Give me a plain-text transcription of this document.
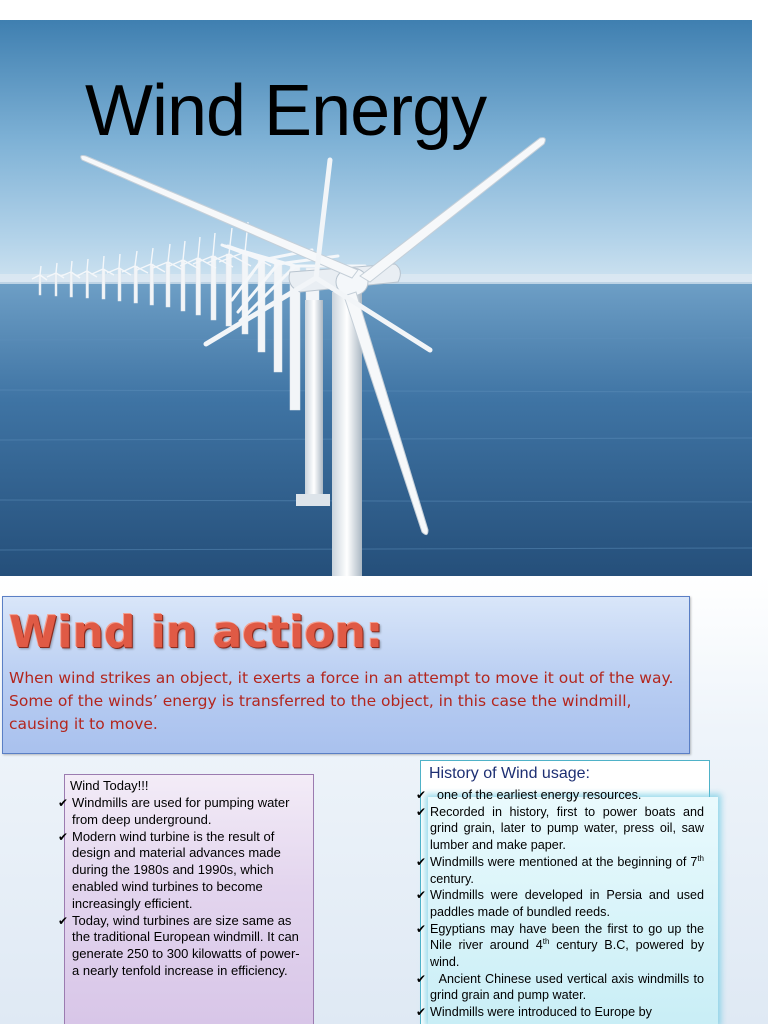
Wind Energy
Wind in action:
When wind strikes an object, it exerts a force in an attempt to move it out of the way. Some of the winds’ energy is transferred to the object, in this case the windmill, causing it to move.
Wind Today!!!
✔ Windmills are used for pumping water from deep underground.
✔ Modern wind turbine is the result of design and material advances made during the 1980s and 1990s, which enabled wind turbines to become increasingly efficient.
✔ Today, wind turbines are size same as the traditional European windmill. It can generate 250 to 300 kilowatts of power- a nearly tenfold increase in efficiency.
History of Wind usage:
✔ one of the earliest energy resources.
✔ Recorded in history, first to power boats and grind grain, later to pump water, press oil, saw lumber and make paper.
✔ Windmills were mentioned at the beginning of 7th century.
✔ Windmills were developed in Persia and used paddles made of bundled reeds.
✔ Egyptians may have been the first to go up the Nile river around 4th century B.C, powered by wind.
✔ Ancient Chinese used vertical axis windmills to grind grain and pump water.
✔ Windmills were introduced to Europe by
